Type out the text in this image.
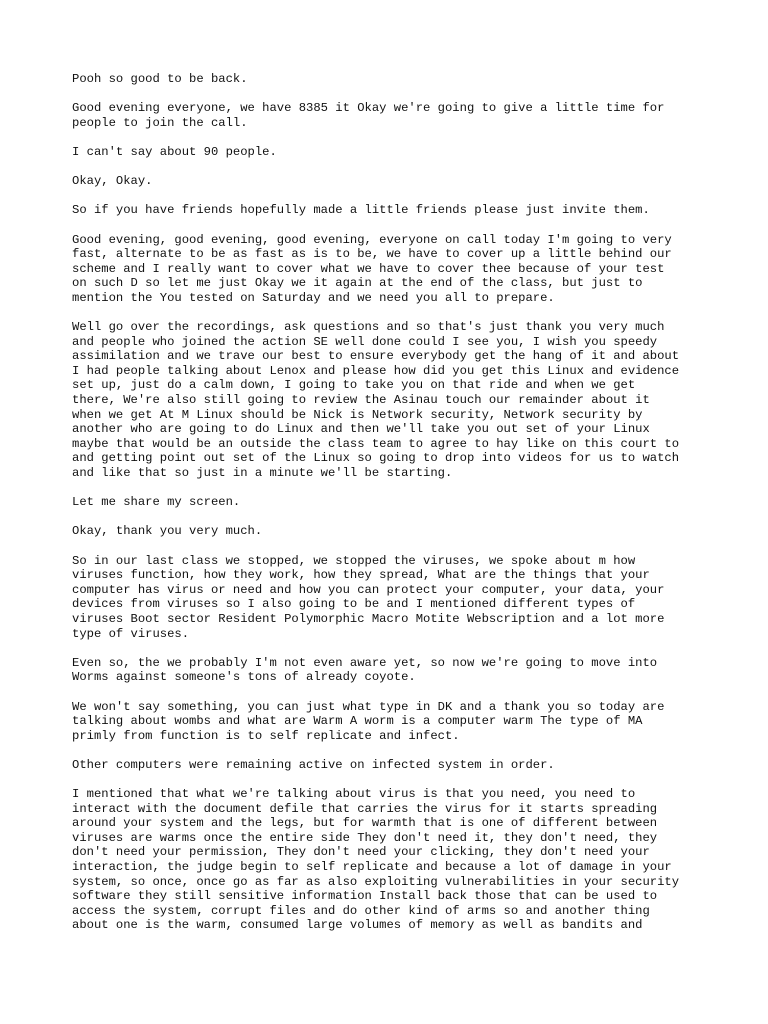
Pooh so good to be back.

Good evening everyone, we have 8385 it Okay we're going to give a little time for
people to join the call.

I can't say about 90 people.

Okay, Okay.

So if you have friends hopefully made a little friends please just invite them.

Good evening, good evening, good evening, everyone on call today I'm going to very
fast, alternate to be as fast as is to be, we have to cover up a little behind our
scheme and I really want to cover what we have to cover thee because of your test
on such D so let me just Okay we it again at the end of the class, but just to
mention the You tested on Saturday and we need you all to prepare.

Well go over the recordings, ask questions and so that's just thank you very much
and people who joined the action SE well done could I see you, I wish you speedy
assimilation and we trave our best to ensure everybody get the hang of it and about
I had people talking about Lenox and please how did you get this Linux and evidence
set up, just do a calm down, I going to take you on that ride and when we get
there, We're also still going to review the Asinau touch our remainder about it
when we get At M Linux should be Nick is Network security, Network security by
another who are going to do Linux and then we'll take you out set of your Linux
maybe that would be an outside the class team to agree to hay like on this court to
and getting point out set of the Linux so going to drop into videos for us to watch
and like that so just in a minute we'll be starting.

Let me share my screen.

Okay, thank you very much.

So in our last class we stopped, we stopped the viruses, we spoke about m how
viruses function, how they work, how they spread, What are the things that your
computer has virus or need and how you can protect your computer, your data, your
devices from viruses so I also going to be and I mentioned different types of
viruses Boot sector Resident Polymorphic Macro Motite Webscription and a lot more
type of viruses.

Even so, the we probably I'm not even aware yet, so now we're going to move into
Worms against someone's tons of already coyote.

We won't say something, you can just what type in DK and a thank you so today are
talking about wombs and what are Warm A worm is a computer warm The type of MA
primly from function is to self replicate and infect.

Other computers were remaining active on infected system in order.

I mentioned that what we're talking about virus is that you need, you need to
interact with the document defile that carries the virus for it starts spreading
around your system and the legs, but for warmth that is one of different between
viruses are warms once the entire side They don't need it, they don't need, they
don't need your permission, They don't need your clicking, they don't need your
interaction, the judge begin to self replicate and because a lot of damage in your
system, so once, once go as far as also exploiting vulnerabilities in your security
software they still sensitive information Install back those that can be used to
access the system, corrupt files and do other kind of arms so and another thing
about one is the warm, consumed large volumes of memory as well as bandits and
